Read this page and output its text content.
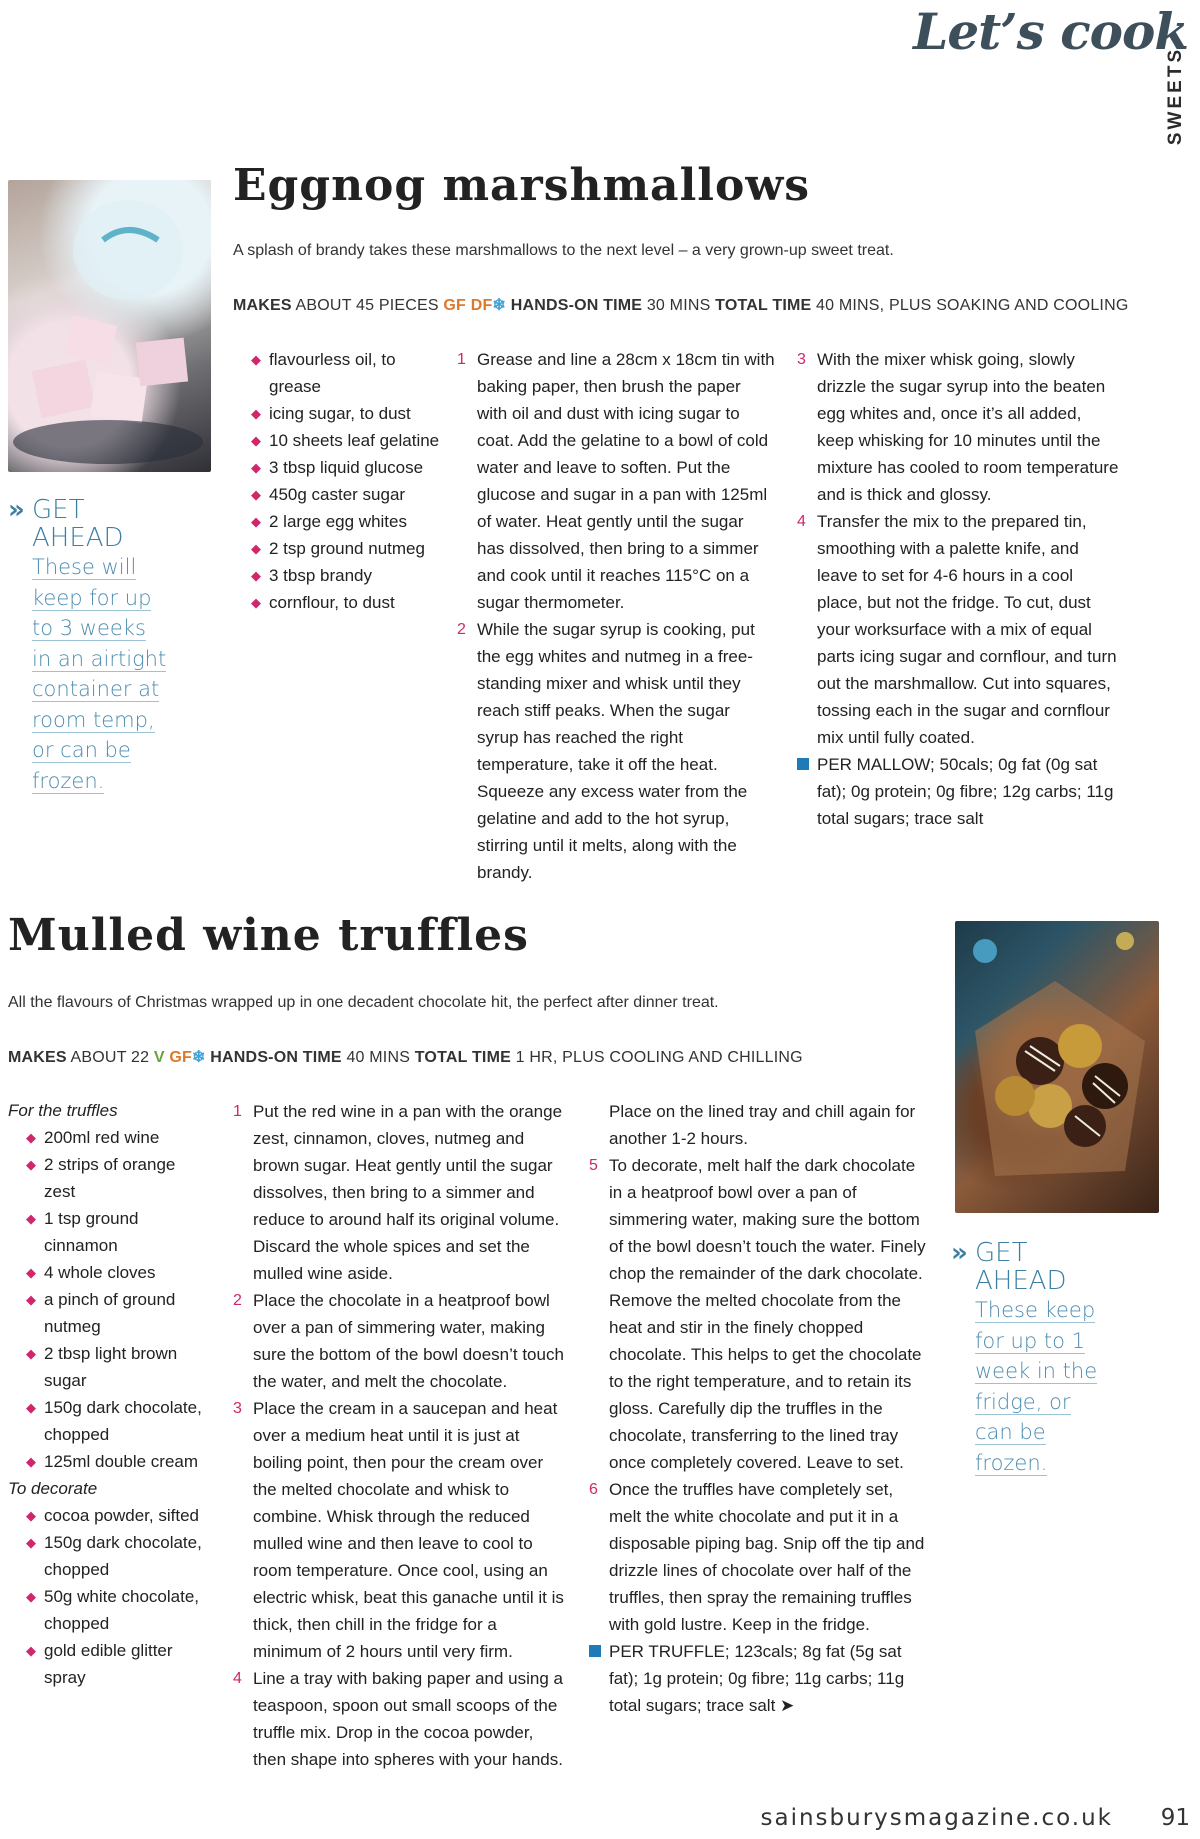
Let’s cook
SWEETS
Eggnog marshmallows

A splash of brandy takes these marshmallows to the next level – a very grown-up sweet treat.

MAKES ABOUT 45 PIECES GF DF❄ HANDS-ON TIME 30 MINS TOTAL TIME 40 MINS, PLUS SOAKING AND COOLING

◆ flavourless oil, to grease
◆ icing sugar, to dust
◆ 10 sheets leaf gelatine
◆ 3 tbsp liquid glucose
◆ 450g caster sugar
◆ 2 large egg whites
◆ 2 tsp ground nutmeg
◆ 3 tbsp brandy
◆ cornflour, to dust
1 Grease and line a 28cm x 18cm tin with baking paper, then brush the paper with oil and dust with icing sugar to coat. Add the gelatine to a bowl of cold water and leave to soften. Put the glucose and sugar in a pan with 125ml of water. Heat gently until the sugar has dissolved, then bring to a simmer and cook until it reaches 115°C on a sugar thermometer.
2 While the sugar syrup is cooking, put the egg whites and nutmeg in a free-standing mixer and whisk until they reach stiff peaks. When the sugar syrup has reached the right temperature, take it off the heat. Squeeze any excess water from the gelatine and add to the hot syrup, stirring until it melts, along with the brandy.
3 With the mixer whisk going, slowly drizzle the sugar syrup into the beaten egg whites and, once it’s all added, keep whisking for 10 minutes until the mixture has cooled to room temperature and is thick and glossy.
4 Transfer the mix to the prepared tin, smoothing with a palette knife, and leave to set for 4-6 hours in a cool place, but not the fridge. To cut, dust your worksurface with a mix of equal parts icing sugar and cornflour, and turn out the marshmallow. Cut into squares, tossing each in the sugar and cornflour mix until fully coated.
PER MALLOW; 50cals; 0g fat (0g sat fat); 0g protein; 0g fibre; 12g carbs; 11g total sugars; trace salt
» GET
AHEAD
These will
keep for up
to 3 weeks
in an airtight
container at
room temp,
or can be
frozen.
Mulled wine truffles

All the flavours of Christmas wrapped up in one decadent chocolate hit, the perfect after dinner treat.

MAKES ABOUT 22 V GF❄ HANDS-ON TIME 40 MINS TOTAL TIME 1 HR, PLUS COOLING AND CHILLING

For the truffles
◆ 200ml red wine
◆ 2 strips of orange zest
◆ 1 tsp ground cinnamon
◆ 4 whole cloves
◆ a pinch of ground nutmeg
◆ 2 tbsp light brown sugar
◆ 150g dark chocolate, chopped
◆ 125ml double cream
To decorate
◆ cocoa powder, sifted
◆ 150g dark chocolate, chopped
◆ 50g white chocolate, chopped
◆ gold edible glitter spray
1 Put the red wine in a pan with the orange zest, cinnamon, cloves, nutmeg and brown sugar. Heat gently until the sugar dissolves, then bring to a simmer and reduce to around half its original volume. Discard the whole spices and set the mulled wine aside.
2 Place the chocolate in a heatproof bowl over a pan of simmering water, making sure the bottom of the bowl doesn’t touch the water, and melt the chocolate.
3 Place the cream in a saucepan and heat over a medium heat until it is just at boiling point, then pour the cream over the melted chocolate and whisk to combine. Whisk through the reduced mulled wine and then leave to cool to room temperature. Once cool, using an electric whisk, beat this ganache until it is thick, then chill in the fridge for a minimum of 2 hours until very firm.
4 Line a tray with baking paper and using a teaspoon, spoon out small scoops of the truffle mix. Drop in the cocoa powder, then shape into spheres with your hands.
Place on the lined tray and chill again for another 1-2 hours.
5 To decorate, melt half the dark chocolate in a heatproof bowl over a pan of simmering water, making sure the bottom of the bowl doesn’t touch the water. Finely chop the remainder of the dark chocolate. Remove the melted chocolate from the heat and stir in the finely chopped chocolate. This helps to get the chocolate to the right temperature, and to retain its gloss. Carefully dip the truffles in the chocolate, transferring to the lined tray once completely covered. Leave to set.
6 Once the truffles have completely set, melt the white chocolate and put it in a disposable piping bag. Snip off the tip and drizzle lines of chocolate over half of the truffles, then spray the remaining truffles with gold lustre. Keep in the fridge.
PER TRUFFLE; 123cals; 8g fat (5g sat fat); 1g protein; 0g fibre; 11g carbs; 11g total sugars; trace salt ➤
» GET
AHEAD
These keep
for up to 1
week in the
fridge, or
can be
frozen.
sainsburysmagazine.co.uk 91
